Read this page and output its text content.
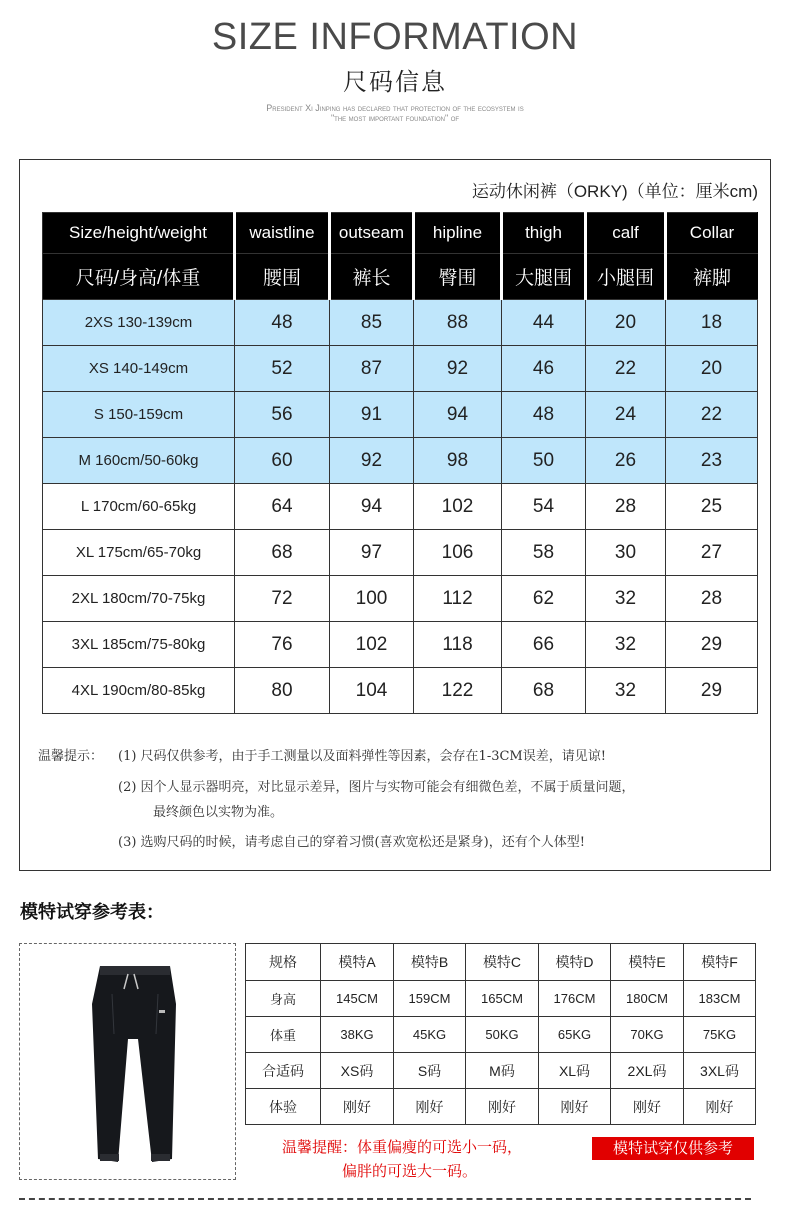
SIZE INFORMATION
尺码信息
President Xi Jinping has declared that protection of the ecosystem is
"the most important foundation" of
运动休闲裤（ORKY)（单位：厘米cm)
Size/height/weight	waistline	outseam	hipline	thigh	calf	Collar
尺码/身高/体重	腰围	裤长	臀围	大腿围	小腿围	裤脚
2XS 130-139cm	48	85	88	44	20	18
XS 140-149cm	52	87	92	46	22	20
S 150-159cm	56	91	94	48	24	22
M 160cm/50-60kg	60	92	98	50	26	23
L 170cm/60-65kg	64	94	102	54	28	25
XL 175cm/65-70kg	68	97	106	58	30	27
2XL 180cm/70-75kg	72	100	112	62	32	28
3XL 185cm/75-80kg	76	102	118	66	32	29
4XL 190cm/80-85kg	80	104	122	68	32	29
温馨提示： (1) 尺码仅供参考，由于手工测量以及面料弹性等因素，会存在1-3CM误差，请见谅!
(2) 因个人显示器明亮，对比显示差异，图片与实物可能会有细微色差，不属于质量问题，
最终颜色以实物为准。
(3) 选购尺码的时候，请考虑自己的穿着习惯(喜欢宽松还是紧身)，还有个人体型!
模特试穿参考表：
规格	模特A	模特B	模特C	模特D	模特E	模特F
身高	145CM	159CM	165CM	176CM	180CM	183CM
体重	38KG	45KG	50KG	65KG	70KG	75KG
合适码	XS码	S码	M码	XL码	2XL码	3XL码
体验	刚好	刚好	刚好	刚好	刚好	刚好
温馨提醒：体重偏瘦的可选小一码，
偏胖的可选大一码。
模特试穿仅供参考
